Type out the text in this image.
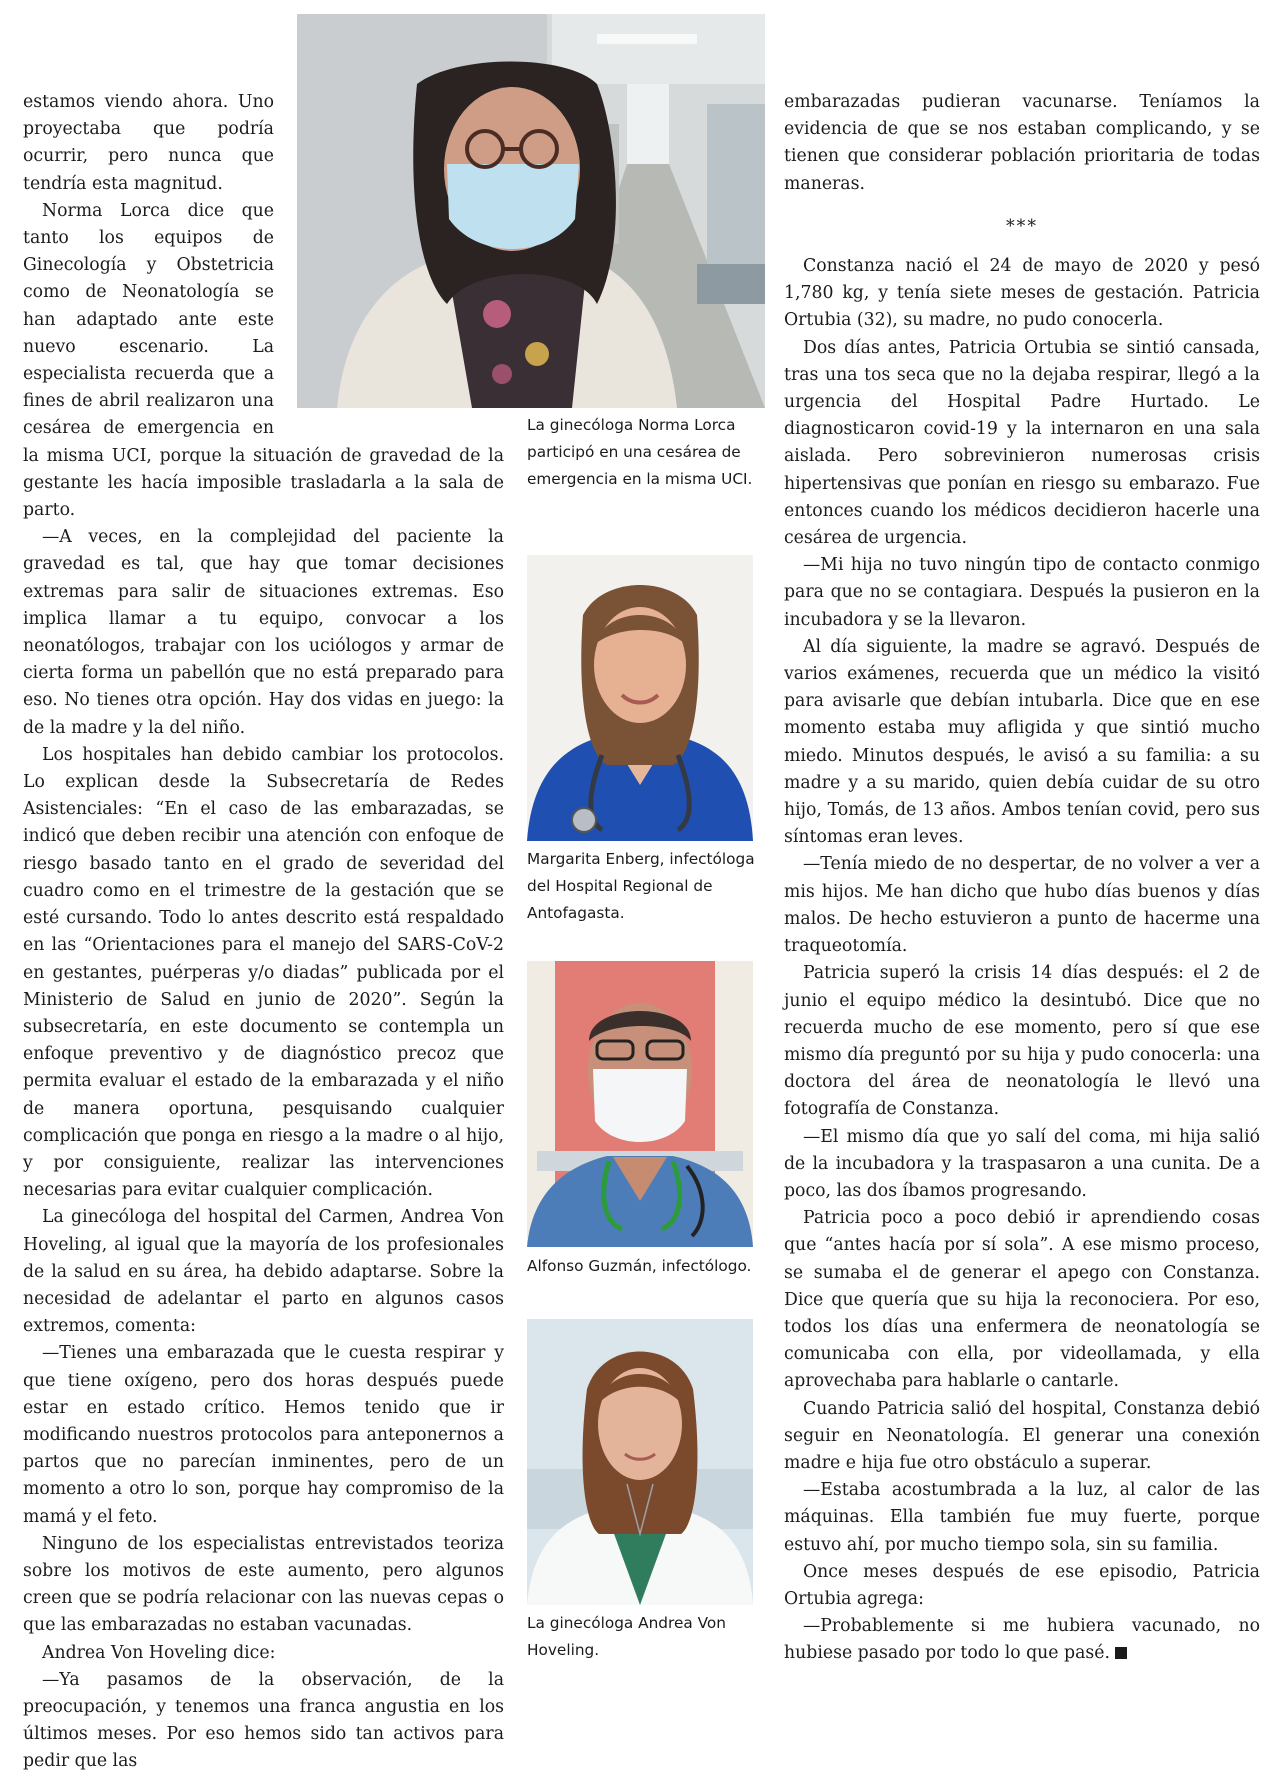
estamos viendo ahora. Uno proyectaba que podría ocurrir, pero nunca que tendría esta magnitud.

Norma Lorca dice que tanto los equipos de Ginecología y Obstetricia como de Neonatología se han adaptado ante este nuevo escenario. La especialista recuerda que a fines de abril realizaron una cesárea de emergencia en la misma UCI, porque la situación de gravedad de la gestante les hacía imposible trasladarla a la sala de parto.

—A veces, en la complejidad del paciente la gravedad es tal, que hay que tomar decisiones extremas para salir de situaciones extremas. Eso implica llamar a tu equipo, convocar a los neonatólogos, trabajar con los uciólogos y armar de cierta forma un pabellón que no está preparado para eso. No tienes otra opción. Hay dos vidas en juego: la de la madre y la del niño.

Los hospitales han debido cambiar los protocolos. Lo explican desde la Subsecretaría de Redes Asistenciales: “En el caso de las embarazadas, se indicó que deben recibir una atención con enfoque de riesgo basado tanto en el grado de severidad del cuadro como en el trimestre de la gestación que se esté cursando. Todo lo antes descrito está respaldado en las “Orientaciones para el manejo del SARS-CoV-2 en gestantes, puérperas y/o diadas” publicada por el Ministerio de Salud en junio de 2020”. Según la subsecretaría, en este documento se contempla un enfoque preventivo y de diagnóstico precoz que permita evaluar el estado de la embarazada y el niño de manera oportuna, pesquisando cualquier complicación que ponga en riesgo a la madre o al hijo, y por consiguiente, realizar las intervenciones necesarias para evitar cualquier complicación.

La ginecóloga del hospital del Carmen, Andrea Von Hoveling, al igual que la mayoría de los profesionales de la salud en su área, ha debido adaptarse. Sobre la necesidad de adelantar el parto en algunos casos extremos, comenta:

—Tienes una embarazada que le cuesta respirar y que tiene oxígeno, pero dos horas después puede estar en estado crítico. Hemos tenido que ir modificando nuestros protocolos para anteponernos a partos que no parecían inminentes, pero de un momento a otro lo son, porque hay compromiso de la mamá y el feto.

Ninguno de los especialistas entrevistados teoriza sobre los motivos de este aumento, pero algunos creen que se podría relacionar con las nuevas cepas o que las embarazadas no estaban vacunadas.

Andrea Von Hoveling dice:

—Ya pasamos de la observación, de la preocupación, y tenemos una franca angustia en los últimos meses. Por eso hemos sido tan activos para pedir que las

embarazadas pudieran vacunarse. Teníamos la evidencia de que se nos estaban complicando, y se tienen que considerar población prioritaria de todas maneras.

***

Constanza nació el 24 de mayo de 2020 y pesó 1,780 kg, y tenía siete meses de gestación. Patricia Ortubia (32), su madre, no pudo conocerla.

Dos días antes, Patricia Ortubia se sintió cansada, tras una tos seca que no la dejaba respirar, llegó a la urgencia del Hospital Padre Hurtado. Le diagnosticaron covid-19 y la internaron en una sala aislada. Pero sobrevinieron numerosas crisis hipertensivas que ponían en riesgo su embarazo. Fue entonces cuando los médicos decidieron hacerle una cesárea de urgencia.

—Mi hija no tuvo ningún tipo de contacto conmigo para que no se contagiara. Después la pusieron en la incubadora y se la llevaron.

Al día siguiente, la madre se agravó. Después de varios exámenes, recuerda que un médico la visitó para avisarle que debían intubarla. Dice que en ese momento estaba muy afligida y que sintió mucho miedo. Minutos después, le avisó a su familia: a su madre y a su marido, quien debía cuidar de su otro hijo, Tomás, de 13 años. Ambos tenían covid, pero sus síntomas eran leves.

—Tenía miedo de no despertar, de no volver a ver a mis hijos. Me han dicho que hubo días buenos y días malos. De hecho estuvieron a punto de hacerme una traqueotomía.

Patricia superó la crisis 14 días después: el 2 de junio el equipo médico la desintubó. Dice que no recuerda mucho de ese momento, pero sí que ese mismo día preguntó por su hija y pudo conocerla: una doctora del área de neonatología le llevó una fotografía de Constanza.

—El mismo día que yo salí del coma, mi hija salió de la incubadora y la traspasaron a una cunita. De a poco, las dos íbamos progresando.

Patricia poco a poco debió ir aprendiendo cosas que “antes hacía por sí sola”. A ese mismo proceso, se sumaba el de generar el apego con Constanza. Dice que quería que su hija la reconociera. Por eso, todos los días una enfermera de neonatología se comunicaba con ella, por videollamada, y ella aprovechaba para hablarle o cantarle.

Cuando Patricia salió del hospital, Constanza debió seguir en Neonatología. El generar una conexión madre e hija fue otro obstáculo a superar.

—Estaba acostumbrada a la luz, al calor de las máquinas. Ella también fue muy fuerte, porque estuvo ahí, por mucho tiempo sola, sin su familia.

Once meses después de ese episodio, Patricia Ortubia agrega:

—Probablemente si me hubiera vacunado, no hubiese pasado por todo lo que pasé.

La ginecóloga Norma Lorca participó en una cesárea de emergencia en la misma UCI.
Margarita Enberg, infectóloga del Hospital Regional de Antofagasta.
Alfonso Guzmán, infectólogo.
La ginecóloga Andrea Von Hoveling.
